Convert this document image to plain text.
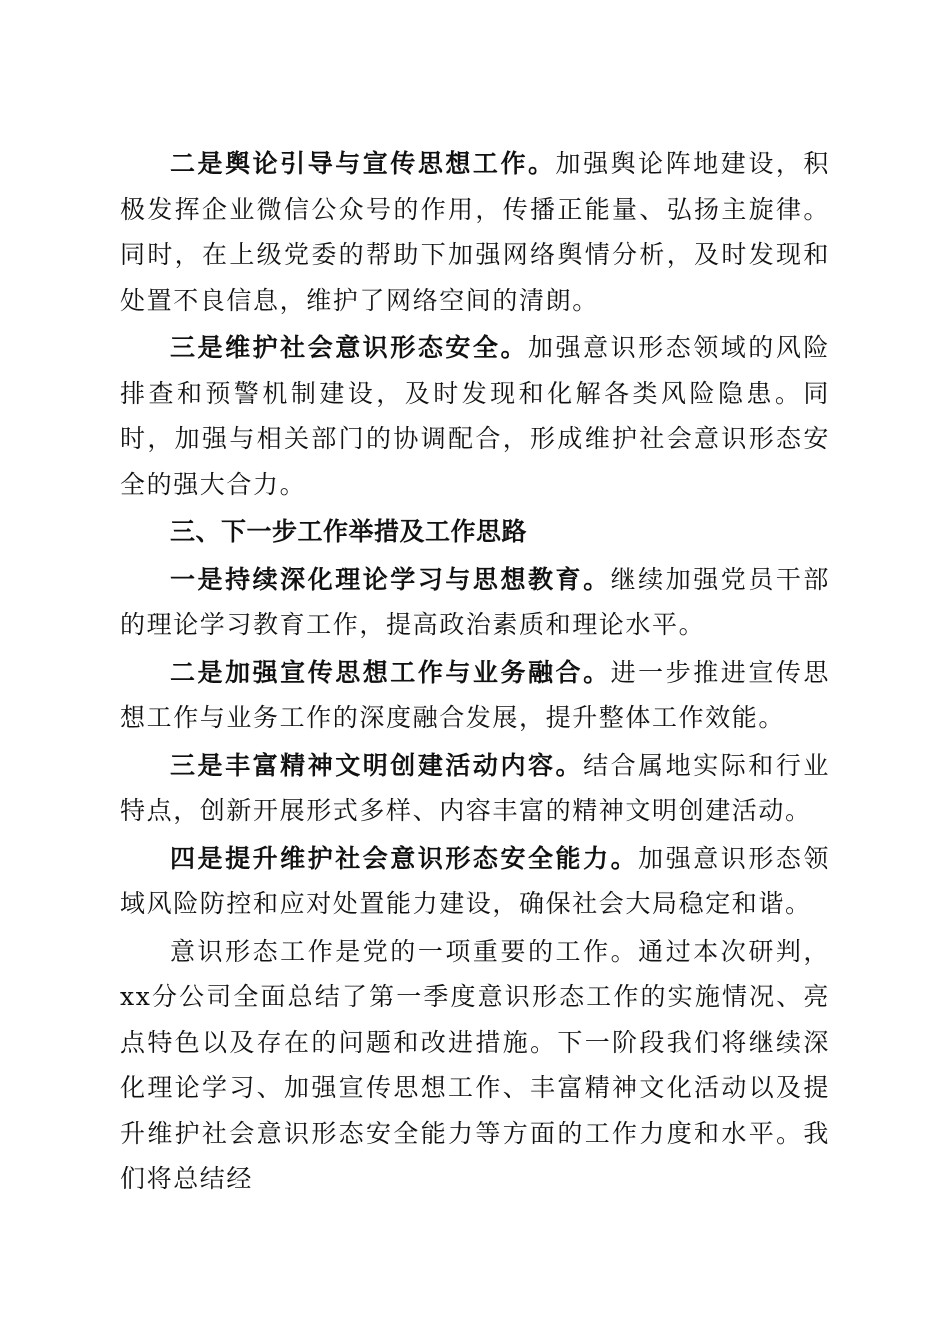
二是舆论引导与宣传思想工作。加强舆论阵地建设，积极发挥企业微信公众号的作用，传播正能量、弘扬主旋律。同时，在上级党委的帮助下加强网络舆情分析，及时发现和处置不良信息，维护了网络空间的清朗。

三是维护社会意识形态安全。加强意识形态领域的风险排查和预警机制建设，及时发现和化解各类风险隐患。同时，加强与相关部门的协调配合，形成维护社会意识形态安全的强大合力。

三、下一步工作举措及工作思路

一是持续深化理论学习与思想教育。继续加强党员干部的理论学习教育工作，提高政治素质和理论水平。

二是加强宣传思想工作与业务融合。进一步推进宣传思想工作与业务工作的深度融合发展，提升整体工作效能。

三是丰富精神文明创建活动内容。结合属地实际和行业特点，创新开展形式多样、内容丰富的精神文明创建活动。

四是提升维护社会意识形态安全能力。加强意识形态领域风险防控和应对处置能力建设，确保社会大局稳定和谐。

意识形态工作是党的一项重要的工作。通过本次研判，xx分公司全面总结了第一季度意识形态工作的实施情况、亮点特色以及存在的问题和改进措施。下一阶段我们将继续深化理论学习、加强宣传思想工作、丰富精神文化活动以及提升维护社会意识形态安全能力等方面的工作力度和水平。我们将总结经
